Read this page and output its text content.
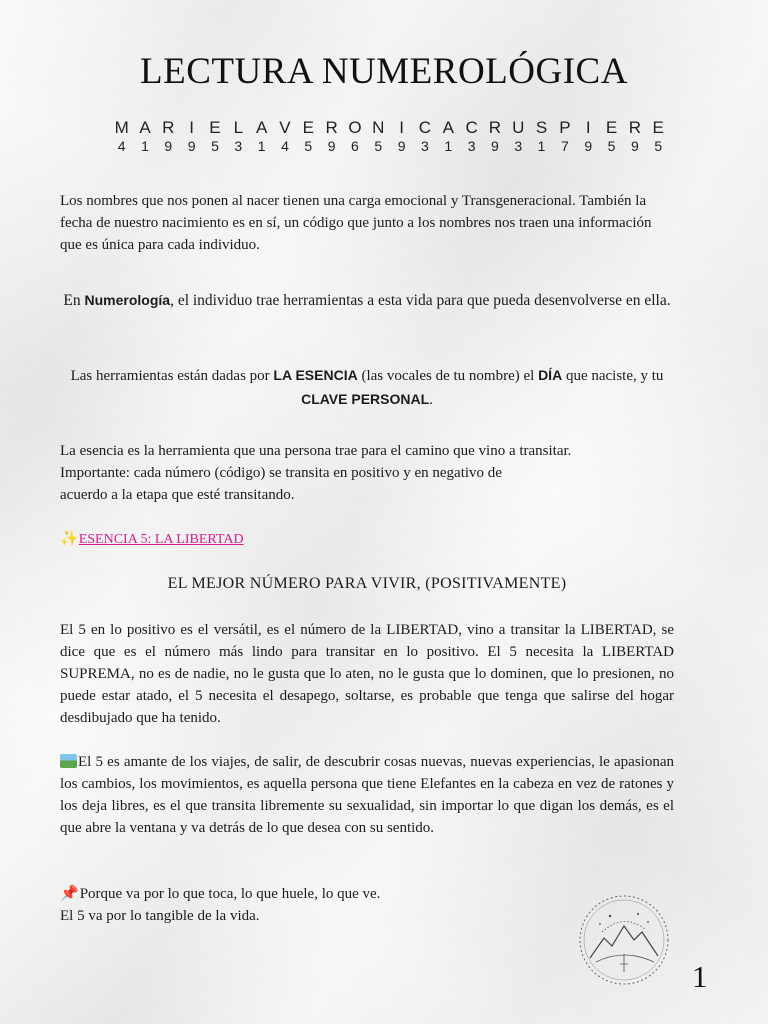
LECTURA NUMEROLÓGICA
M A R I E L A V E R O N I C A C R U S P I E R E
4	1	9	9	5	3	1	4	5	9	6	5	9	3	1	3	9	3	1	7	9	5	9	5

Los nombres que nos ponen al nacer tienen una carga emocional y Transgeneracional. También la fecha de nuestro nacimiento es en sí, un código que junto a los nombres nos traen una información que es única para cada individuo.

En Numerología, el individuo trae herramientas a esta vida para que pueda desenvolverse en ella.

Las herramientas están dadas por LA ESENCIA (las vocales de tu nombre) el DÍA que naciste, y tu CLAVE PERSONAL.

La esencia es la herramienta que una persona trae para el camino que vino a transitar.
Importante: cada número (código) se transita en positivo y en negativo de
acuerdo a la etapa que esté transitando.

✨ESENCIA 5: LA LIBERTAD
EL MEJOR NÚMERO PARA VIVIR, (POSITIVAMENTE)

El 5 en lo positivo es el versátil, es el número de la LIBERTAD, vino a transitar la LIBERTAD, se dice que es el número más lindo para transitar en lo positivo. El 5 necesita la LIBERTAD SUPREMA, no es de nadie, no le gusta que lo aten, no le gusta que lo dominen, que lo presionen, no puede estar atado, el 5 necesita el desapego, soltarse, es probable que tenga que salirse del hogar desdibujado que ha tenido.

El 5 es amante de los viajes, de salir, de descubrir cosas nuevas, nuevas experiencias, le apasionan los cambios, los movimientos, es aquella persona que tiene Elefantes en la cabeza en vez de ratones y los deja libres, es el que transita libremente su sexualidad, sin importar lo que digan los demás, es el que abre la ventana y va detrás de lo que desea con su sentido.

📌Porque va por lo que toca, lo que huele, lo que ve.
El 5 va por lo tangible de la vida.

1
